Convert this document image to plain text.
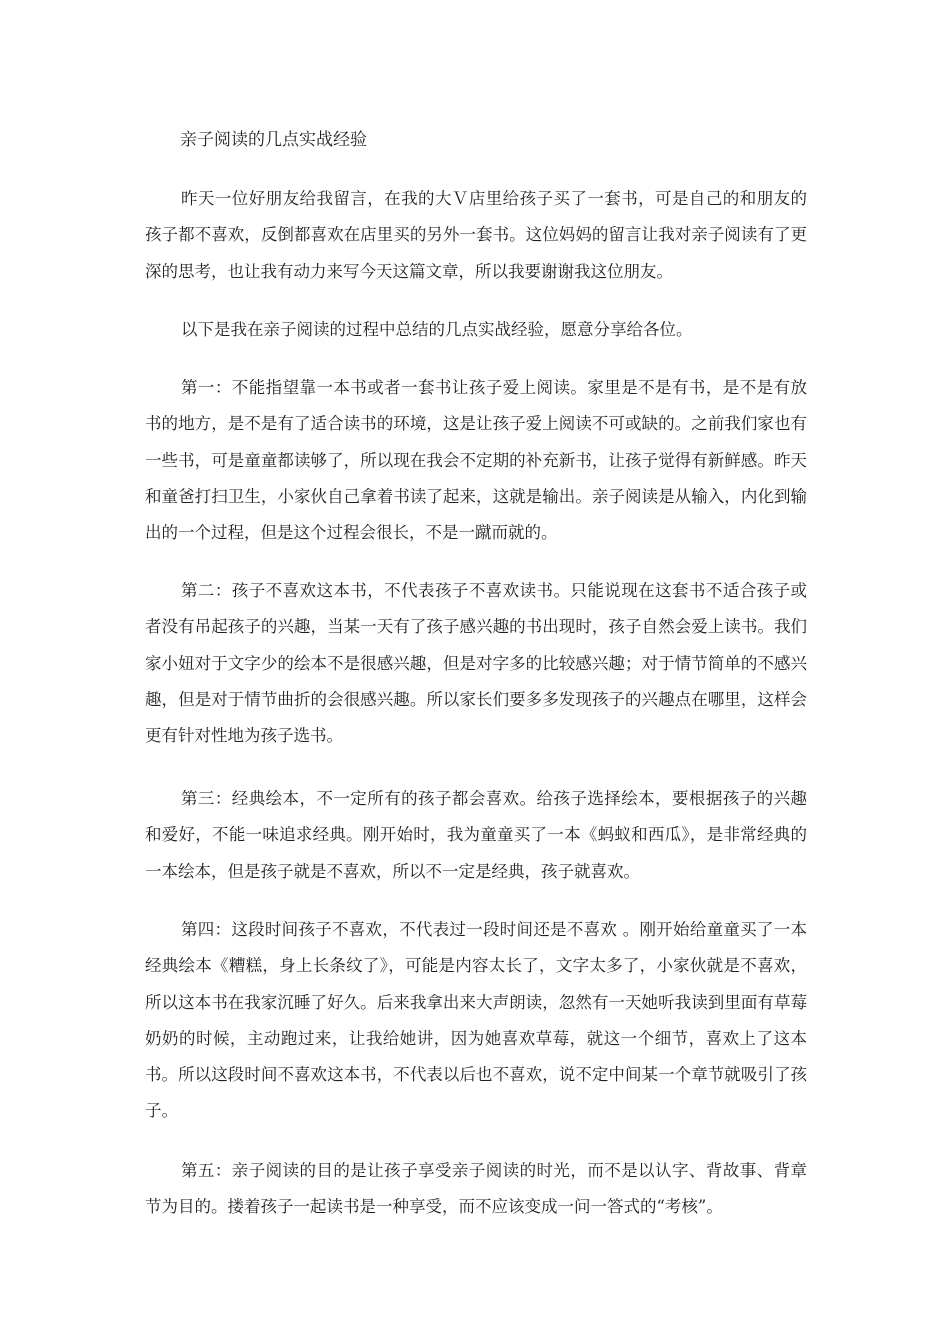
亲子阅读的几点实战经验

昨天一位好朋友给我留言，在我的大Ｖ店里给孩子买了一套书，可是自己的和朋友的孩子都不喜欢，反倒都喜欢在店里买的另外一套书。这位妈妈的留言让我对亲子阅读有了更深的思考，也让我有动力来写今天这篇文章，所以我要谢谢我这位朋友。

以下是我在亲子阅读的过程中总结的几点实战经验，愿意分享给各位。

第一：不能指望靠一本书或者一套书让孩子爱上阅读。家里是不是有书，是不是有放书的地方，是不是有了适合读书的环境，这是让孩子爱上阅读不可或缺的。之前我们家也有一些书，可是童童都读够了，所以现在我会不定期的补充新书，让孩子觉得有新鲜感。昨天和童爸打扫卫生，小家伙自己拿着书读了起来，这就是输出。亲子阅读是从输入，内化到输出的一个过程，但是这个过程会很长，不是一蹴而就的。

第二：孩子不喜欢这本书，不代表孩子不喜欢读书。只能说现在这套书不适合孩子或者没有吊起孩子的兴趣，当某一天有了孩子感兴趣的书出现时，孩子自然会爱上读书。我们家小妞对于文字少的绘本不是很感兴趣，但是对字多的比较感兴趣；对于情节简单的不感兴趣，但是对于情节曲折的会很感兴趣。所以家长们要多多发现孩子的兴趣点在哪里，这样会更有针对性地为孩子选书。

第三：经典绘本，不一定所有的孩子都会喜欢。给孩子选择绘本，要根据孩子的兴趣和爱好，不能一味追求经典。刚开始时，我为童童买了一本《蚂蚁和西瓜》，是非常经典的一本绘本，但是孩子就是不喜欢，所以不一定是经典，孩子就喜欢。

第四：这段时间孩子不喜欢，不代表过一段时间还是不喜欢 。刚开始给童童买了一本经典绘本《糟糕，身上长条纹了》，可能是内容太长了，文字太多了，小家伙就是不喜欢，所以这本书在我家沉睡了好久。后来我拿出来大声朗读，忽然有一天她听我读到里面有草莓奶奶的时候，主动跑过来，让我给她讲，因为她喜欢草莓，就这一个细节，喜欢上了这本书。所以这段时间不喜欢这本书，不代表以后也不喜欢，说不定中间某一个章节就吸引了孩子。

第五：亲子阅读的目的是让孩子享受亲子阅读的时光，而不是以认字、背故事、背章节为目的。搂着孩子一起读书是一种享受，而不应该变成一问一答式的“考核”。
